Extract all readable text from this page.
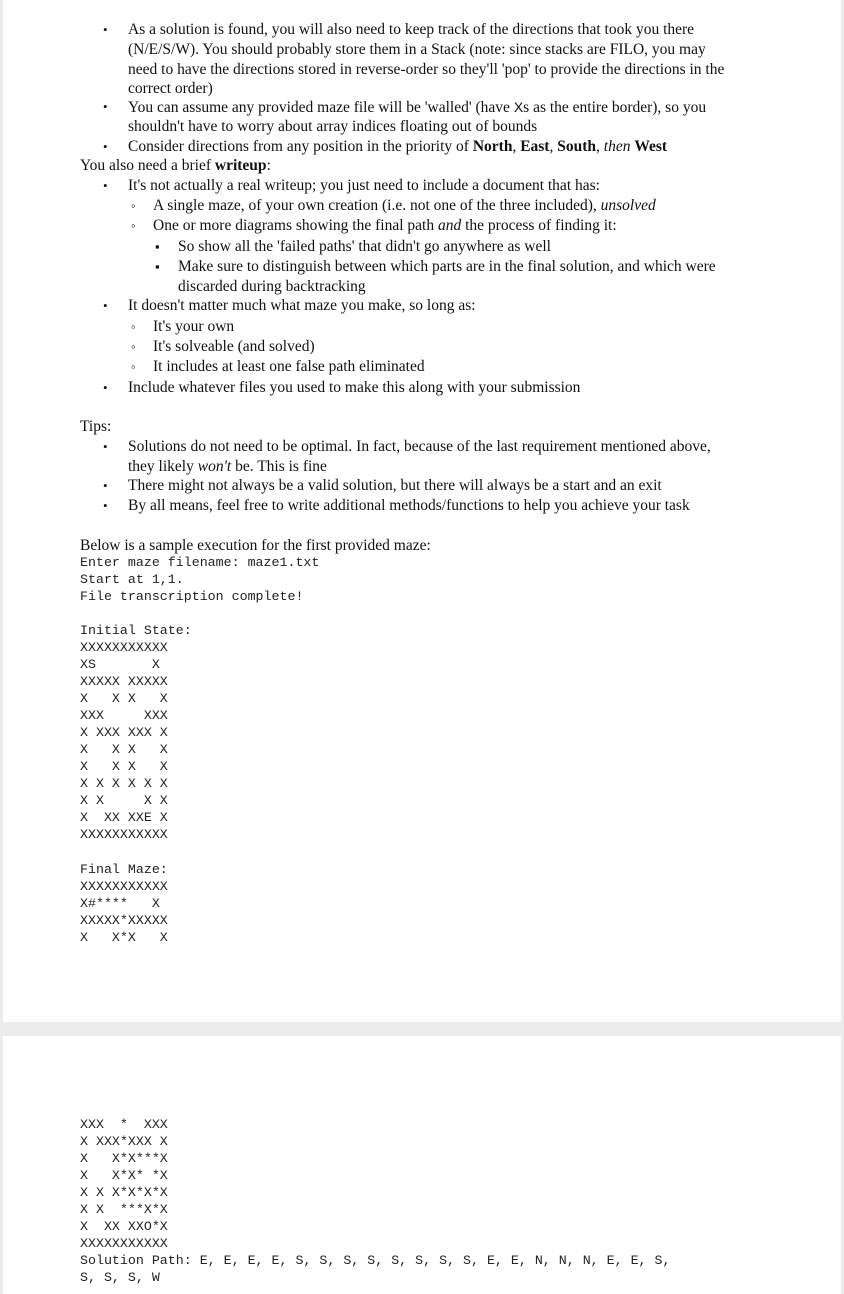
• As a solution is found, you will also need to keep track of the directions that took you there
(N/E/S/W). You should probably store them in a Stack (note: since stacks are FILO, you may
need to have the directions stored in reverse-order so they'll 'pop' to provide the directions in the
correct order)
• You can assume any provided maze file will be 'walled' (have Xs as the entire border), so you
shouldn't have to worry about array indices floating out of bounds
• Consider directions from any position in the priority of North, East, South, then West
You also need a brief writeup:
• It's not actually a real writeup; you just need to include a document that has:
◦ A single maze, of your own creation (i.e. not one of the three included), unsolved
◦ One or more diagrams showing the final path and the process of finding it:
▪ So show all the 'failed paths' that didn't go anywhere as well
▪ Make sure to distinguish between which parts are in the final solution, and which were
discarded during backtracking
• It doesn't matter much what maze you make, so long as:
◦ It's your own
◦ It's solveable (and solved)
◦ It includes at least one false path eliminated
• Include whatever files you used to make this along with your submission
Tips:
• Solutions do not need to be optimal. In fact, because of the last requirement mentioned above,
they likely won't be. This is fine
• There might not always be a valid solution, but there will always be a start and an exit
• By all means, feel free to write additional methods/functions to help you achieve your task
Below is a sample execution for the first provided maze:
Enter maze filename: maze1.txt
Start at 1,1.
File transcription complete!
Initial State:
XXXXXXXXXXX
XS       X
XXXXX XXXXX
X   X X   X
XXX     XXX
X XXX XXX X
X   X X   X
X   X X   X
X X X X X X
X X     X X
X  XX XXE X
XXXXXXXXXXX
Final Maze:
XXXXXXXXXXX
X#****   X
XXXXX*XXXXX
X   X*X   X
XXX  *  XXX
X XXX*XXX X
X   X*X***X
X   X*X* *X
X X X*X*X*X
X X  ***X*X
X  XX XXO*X
XXXXXXXXXXX
Solution Path: E, E, E, E, S, S, S, S, S, S, S, S, E, E, N, N, N, E, E, S,
S, S, S, W
